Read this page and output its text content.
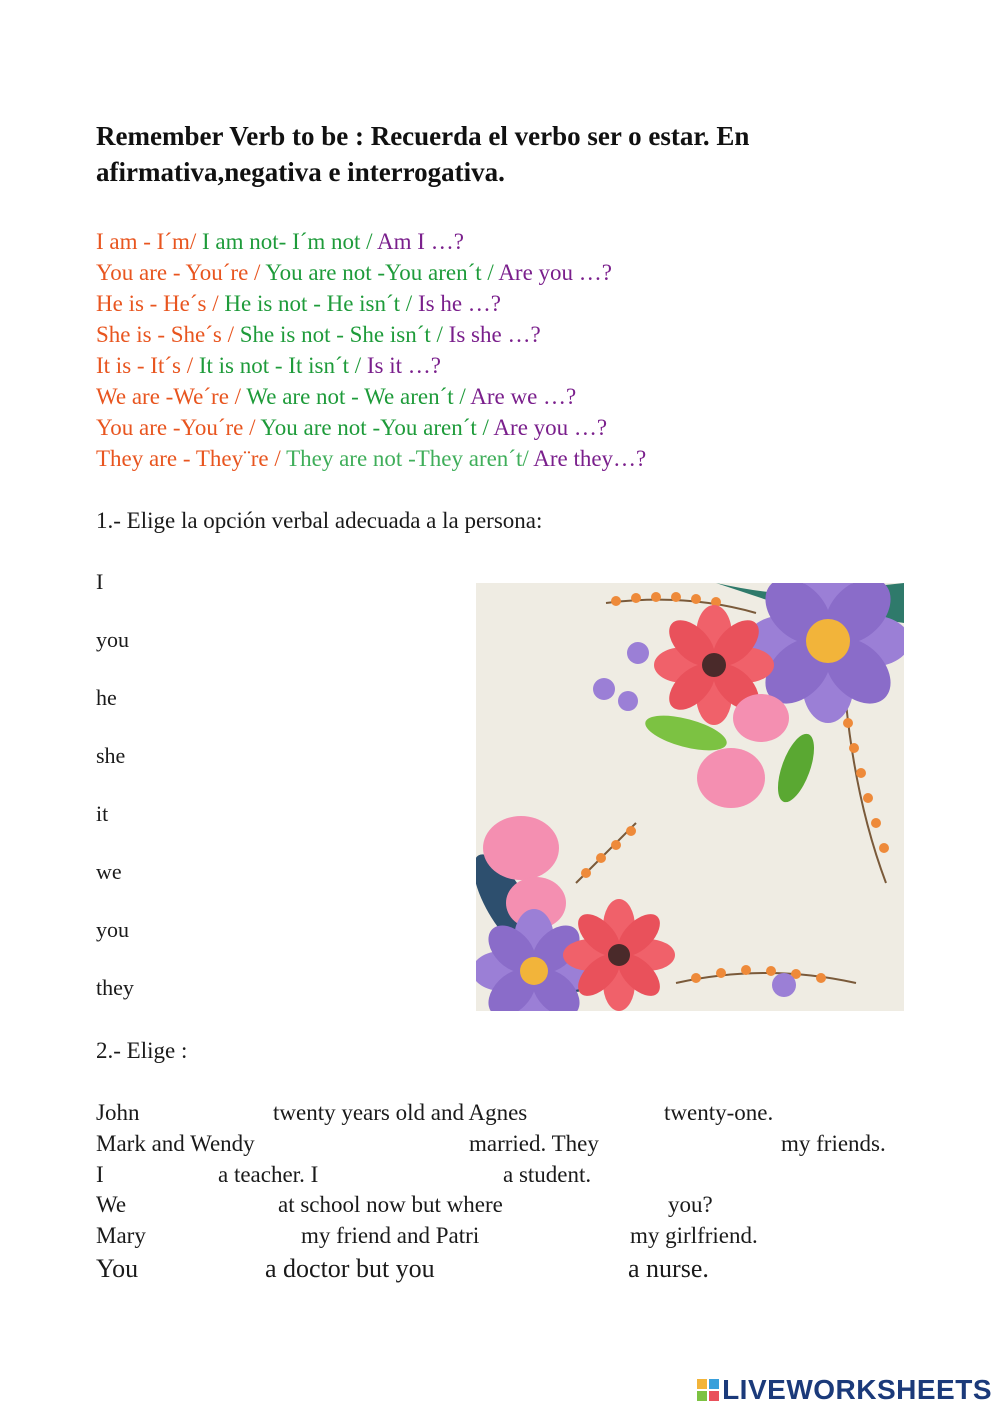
Remember Verb to be : Recuerda el verbo ser o estar. En afirmativa,negativa e interrogativa.
I am - I´m/ I am not- I´m not / Am I …?
You are - You´re / You are not -You aren´t / Are you …?
He is - He´s / He is not - He isn´t / Is he …?
She is - She´s / She is not - She isn´t / Is she …?
It is - It´s / It is not - It isn´t / Is it …?
We are -We´re / We are not - We aren´t / Are we …?
You are -You´re / You are not -You aren´t / Are you …?
They are - They¨re / They are not -They aren´t/ Are they…?
1.- Elige la opción verbal adecuada a la persona:
I
you
he
she
it
we
you
they
2.- Elige :
John	twenty years old and Agnes	twenty-one.
Mark and Wendy	married. They	my friends.
I	a teacher. I	a student.
We	at school now but where	you?
Mary	my friend and Patri	my girlfriend.
You	a doctor but you	a nurse.
LIVEWORKSHEETS
